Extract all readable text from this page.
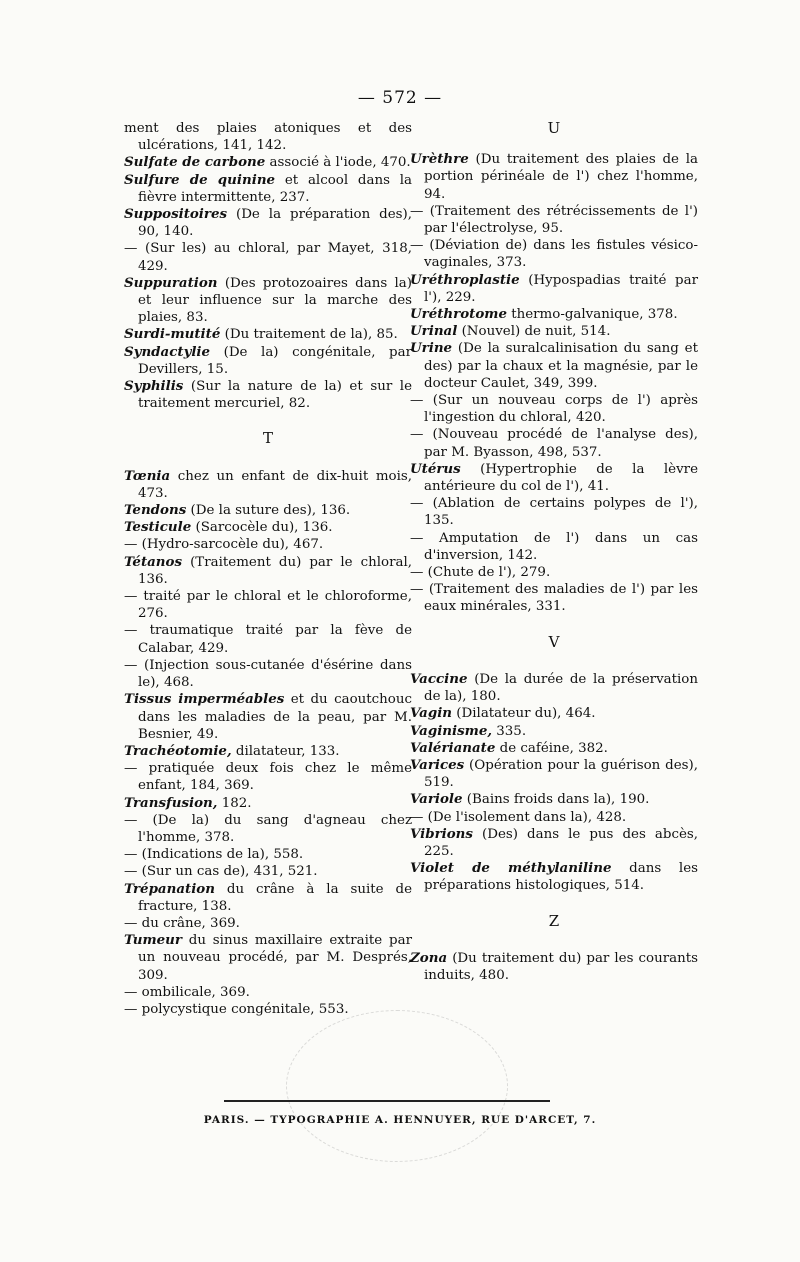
— 572 —

ment des plaies atoniques et des ulcérations, 141, 142.

Sulfate de carbone associé à l'iode, 470.

Sulfure de quinine et alcool dans la fièvre intermittente, 237.

Suppositoires (De la préparation des), 90, 140.

— (Sur les) au chloral, par Mayet, 318, 429.

Suppuration (Des protozoaires dans la) et leur influence sur la marche des plaies, 83.

Surdi-mutité (Du traitement de la), 85.

Syndactylie (De la) congénitale, par Devillers, 15.

Syphilis (Sur la nature de la) et sur le traitement mercuriel, 82.

T

Tœnia chez un enfant de dix-huit mois, 473.

Tendons (De la suture des), 136.

Testicule (Sarcocèle du), 136.

— (Hydro-sarcocèle du), 467.

Tétanos (Traitement du) par le chloral, 136.

— traité par le chloral et le chloroforme, 276.

— traumatique traité par la fève de Calabar, 429.

— (Injection sous-cutanée d'ésérine dans le), 468.

Tissus imperméables et du caoutchouc dans les maladies de la peau, par M. Besnier, 49.

Trachéotomie, dilatateur, 133.

— pratiquée deux fois chez le même enfant, 184, 369.

Transfusion, 182.

— (De la) du sang d'agneau chez l'homme, 378.

— (Indications de la), 558.

— (Sur un cas de), 431, 521.

Trépanation du crâne à la suite de fracture, 138.

— du crâne, 369.

Tumeur du sinus maxillaire extraite par un nouveau procédé, par M. Després, 309.

— ombilicale, 369.

— polycystique congénitale, 553.

U

Urèthre (Du traitement des plaies de la portion périnéale de l') chez l'homme, 94.

— (Traitement des rétrécissements de l') par l'électrolyse, 95.

— (Déviation de) dans les fistules vésico-vaginales, 373.

Uréthroplastie (Hypospadias traité par l'), 229.

Uréthrotome thermo-galvanique, 378.

Urinal (Nouvel) de nuit, 514.

Urine (De la suralcalinisation du sang et des) par la chaux et la magnésie, par le docteur Caulet, 349, 399.

— (Sur un nouveau corps de l') après l'ingestion du chloral, 420.

— (Nouveau procédé de l'analyse des), par M. Byasson, 498, 537.

Utérus (Hypertrophie de la lèvre antérieure du col de l'), 41.

— (Ablation de certains polypes de l'), 135.

— Amputation de l') dans un cas d'inversion, 142.

— (Chute de l'), 279.

— (Traitement des maladies de l') par les eaux minérales, 331.

V

Vaccine (De la durée de la préservation de la), 180.

Vagin (Dilatateur du), 464.

Vaginisme, 335.

Valérianate de caféine, 382.

Varices (Opération pour la guérison des), 519.

Variole (Bains froids dans la), 190.

— (De l'isolement dans la), 428.

Vibrions (Des) dans le pus des abcès, 225.

Violet de méthylaniline dans les préparations histologiques, 514.

Z

Zona (Du traitement du) par les courants induits, 480.

PARIS. — TYPOGRAPHIE A. HENNUYER, RUE D'ARCET, 7.
